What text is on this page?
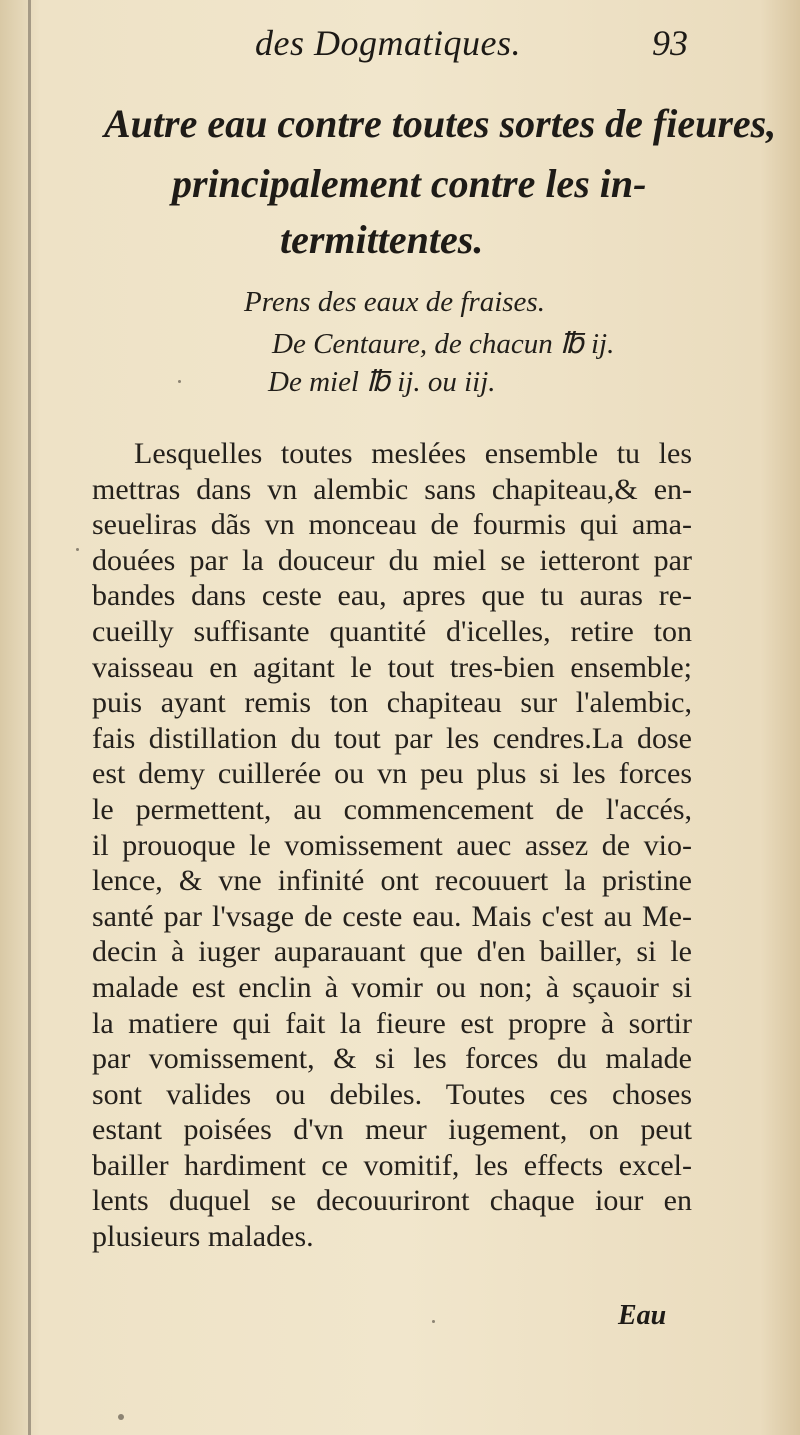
des Dogmatiques.	93
Autre eau contre toutes sortes de fieures,
principalement contre les in-
termittentes.
Prens des eaux de fraises.
De Centaure, de chacun ℔ ij.
De miel ℔ ij. ou iij.
Lesquelles toutes meslées ensemble tu les
mettras dans vn alembic sans chapiteau,& en-
seueliras dãs vn monceau de fourmis qui ama-
douées par la douceur du miel se ietteront par
bandes dans ceste eau, apres que tu auras re-
cueilly suffisante quantité d'icelles, retire ton
vaisseau en agitant le tout tres-bien ensemble;
puis ayant remis ton chapiteau sur l'alembic,
fais distillation du tout par les cendres.La dose
est demy cuillerée ou vn peu plus si les forces
le permettent, au commencement de l'accés,
il prouoque le vomissement auec assez de vio-
lence, & vne infinité ont recouuert la pristine
santé par l'vsage de ceste eau. Mais c'est au Me-
decin à iuger auparauant que d'en bailler, si le
malade est enclin à vomir ou non; à sçauoir si
la matiere qui fait la fieure est propre à sortir
par vomissement, & si les forces du malade
sont valides ou debiles. Toutes ces choses
estant poisées d'vn meur iugement, on peut
bailler hardiment ce vomitif, les effects excel-
lents duquel se decouuriront chaque iour en
plusieurs malades.
Eau
